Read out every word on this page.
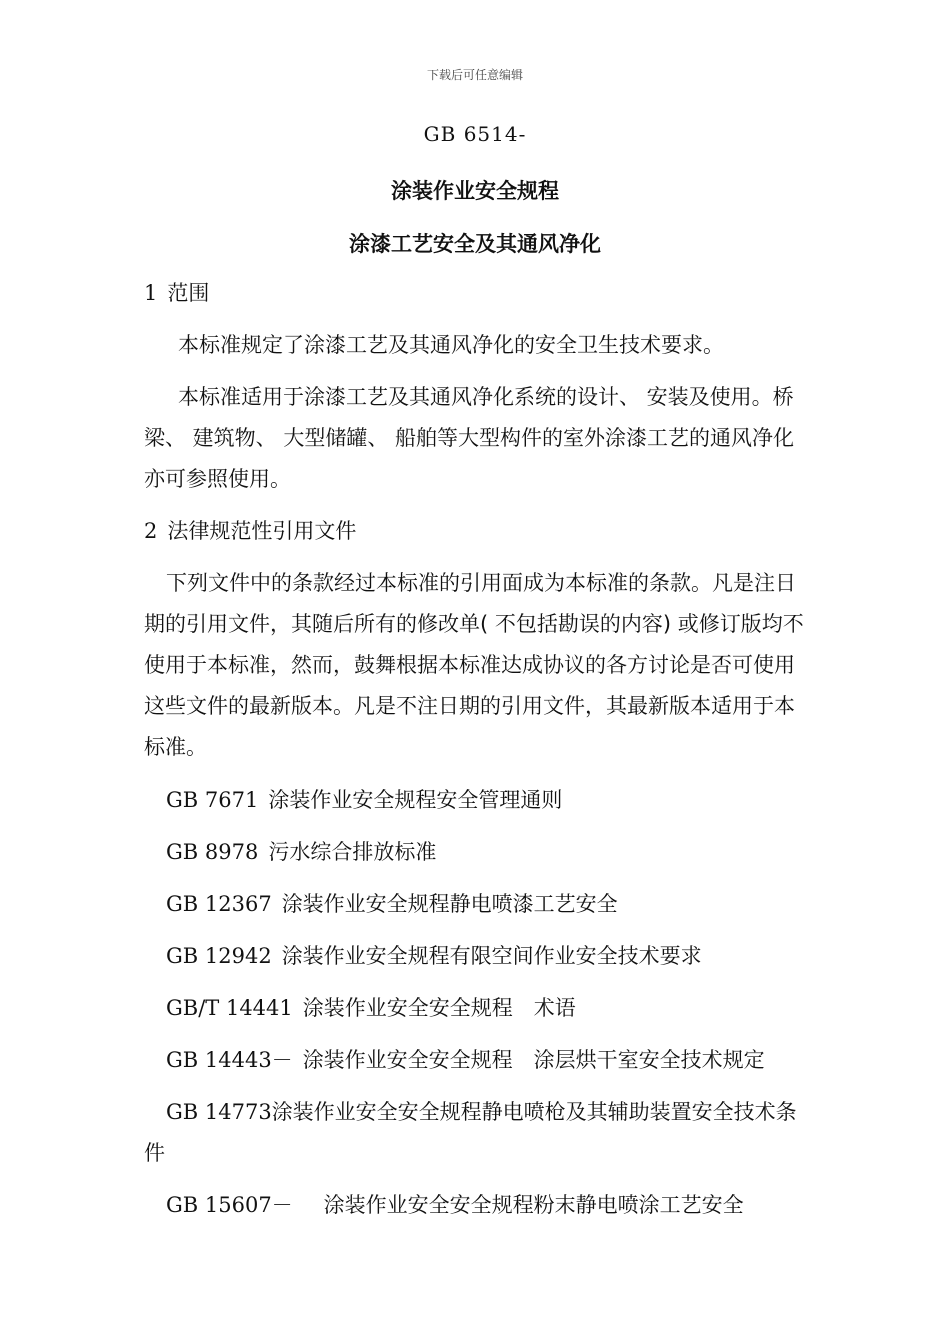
下载后可任意编辑
GB 6514-
涂装作业安全规程
涂漆工艺安全及其通风净化
1 范围
本标准规定了涂漆工艺及其通风净化的安全卫生技术要求。
本标准适用于涂漆工艺及其通风净化系统的设计、 安装及使用。桥梁、 建筑物、 大型储罐、 船舶等大型构件的室外涂漆工艺的通风净化亦可参照使用。
2 法律规范性引用文件
下列文件中的条款经过本标准的引用面成为本标准的条款。凡是注日期的引用文件，其随后所有的修改单( 不包括勘误的内容) 或修订版均不使用于本标准，然而，鼓舞根据本标准达成协议的各方讨论是否可使用这些文件的最新版本。凡是不注日期的引用文件，其最新版本适用于本标准。
GB 7671 涂装作业安全规程安全管理通则
GB 8978 污水综合排放标准
GB 12367 涂装作业安全规程静电喷漆工艺安全
GB 12942 涂装作业安全规程有限空间作业安全技术要求
GB/T 14441 涂装作业安全安全规程　术语
GB 14443－ 涂装作业安全安全规程　涂层烘干室安全技术规定
GB 14773涂装作业安全安全规程静电喷枪及其辅助装置安全技术条件
GB 15607－　涂装作业安全安全规程粉末静电喷涂工艺安全
